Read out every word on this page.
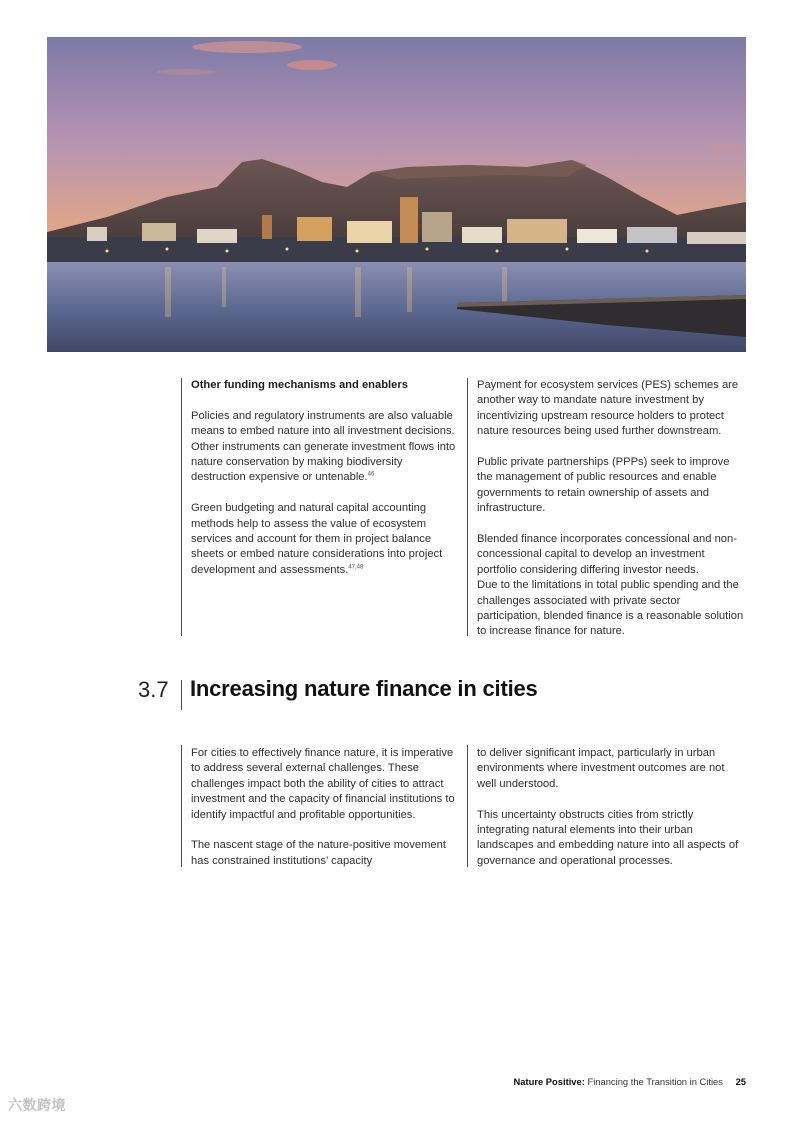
Other funding mechanisms and enablers

Policies and regulatory instruments are also valuable means to embed nature into all investment decisions. Other instruments can generate investment flows into nature conservation by making biodiversity destruction expensive or untenable.$^{46}$

Green budgeting and natural capital accounting methods help to assess the value of ecosystem services and account for them in project balance sheets or embed nature considerations into project development and assessments.$^{47,48}$

Payment for ecosystem services (PES) schemes are another way to mandate nature investment by incentivizing upstream resource holders to protect nature resources being used further downstream.

Public private partnerships (PPPs) seek to improve the management of public resources and enable governments to retain ownership of assets and infrastructure.

Blended finance incorporates concessional and non-concessional capital to develop an investment portfolio considering differing investor needs.
Due to the limitations in total public spending and the challenges associated with private sector participation, blended finance is a reasonable solution to increase finance for nature.

3.7 Increasing nature finance in cities

For cities to effectively finance nature, it is imperative to address several external challenges. These challenges impact both the ability of cities to attract investment and the capacity of financial institutions to identify impactful and profitable opportunities.

The nascent stage of the nature-positive movement has constrained institutions’ capacity

to deliver significant impact, particularly in urban environments where investment outcomes are not well understood.

This uncertainty obstructs cities from strictly integrating natural elements into their urban landscapes and embedding nature into all aspects of governance and operational processes.

Nature Positive: Financing the Transition in Cities 25
六数跨境
